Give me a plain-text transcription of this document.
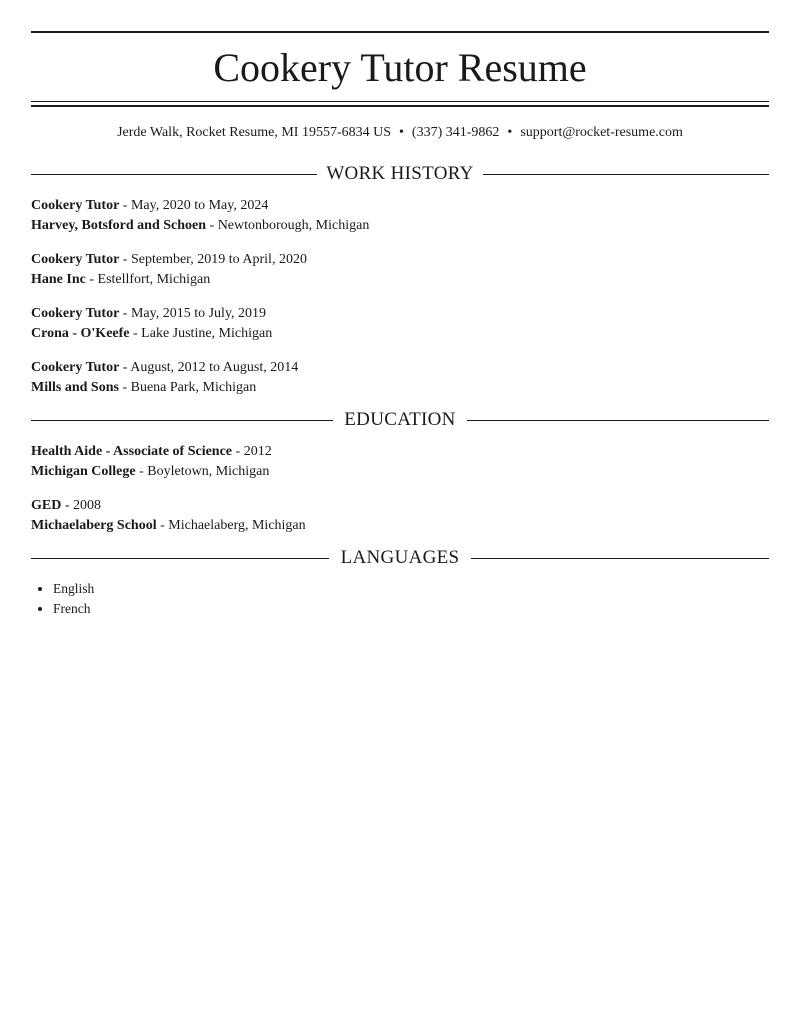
Cookery Tutor Resume
Jerde Walk, Rocket Resume, MI 19557-6834 US • (337) 341-9862 • support@rocket-resume.com
WORK HISTORY
Cookery Tutor - May, 2020 to May, 2024
Harvey, Botsford and Schoen - Newtonborough, Michigan
Cookery Tutor - September, 2019 to April, 2020
Hane Inc - Estellfort, Michigan
Cookery Tutor - May, 2015 to July, 2019
Crona - O'Keefe - Lake Justine, Michigan
Cookery Tutor - August, 2012 to August, 2014
Mills and Sons - Buena Park, Michigan
EDUCATION
Health Aide - Associate of Science - 2012
Michigan College - Boyletown, Michigan
GED - 2008
Michaelaberg School - Michaelaberg, Michigan
LANGUAGES
• English
• French
